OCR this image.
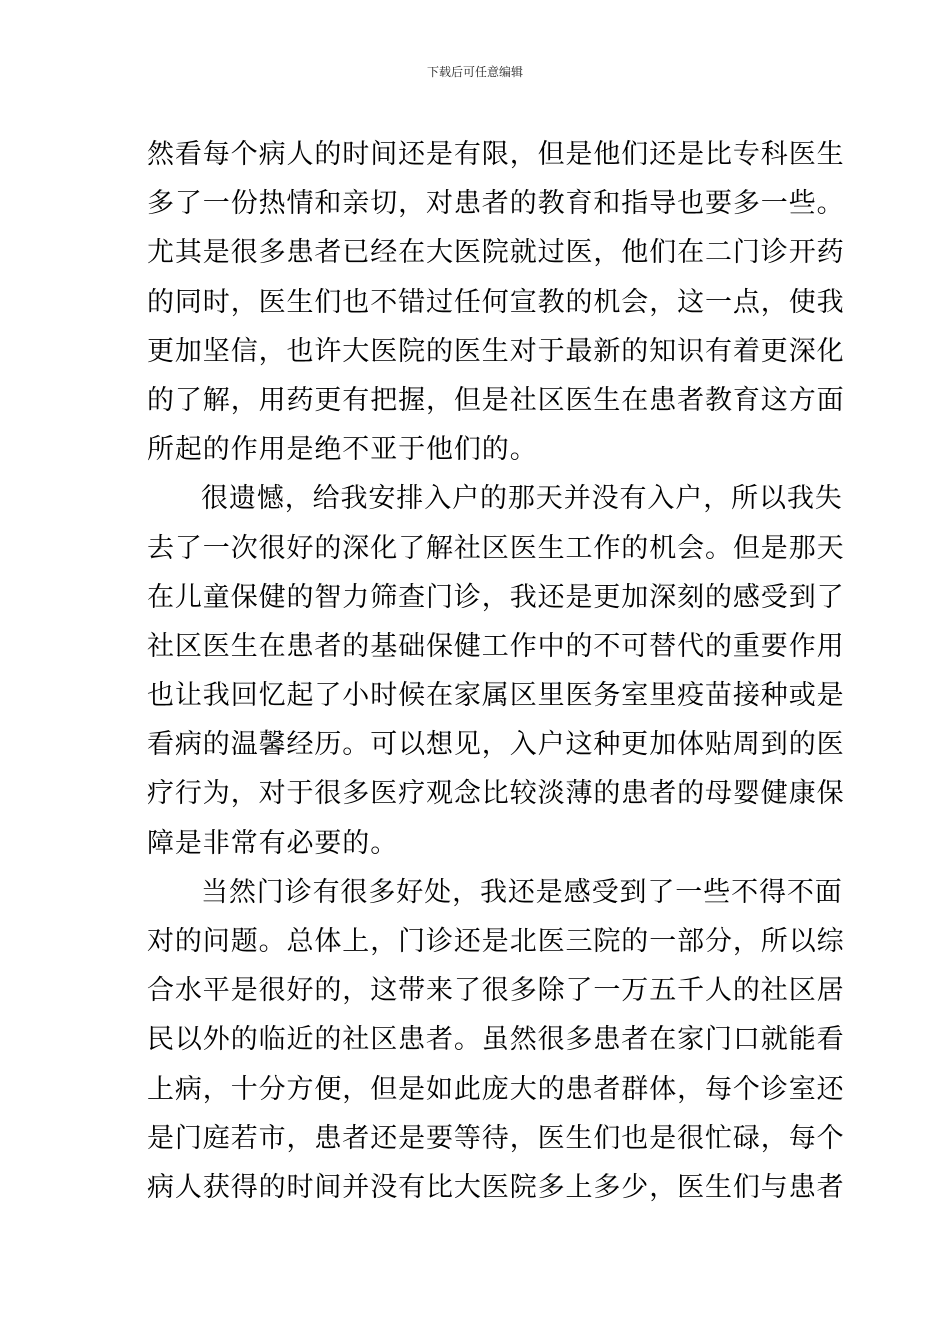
下载后可任意编辑
然看每个病人的时间还是有限，但是他们还是比专科医生
多了一份热情和亲切，对患者的教育和指导也要多一些。
尤其是很多患者已经在大医院就过医，他们在二门诊开药
的同时，医生们也不错过任何宣教的机会，这一点，使我
更加坚信，也许大医院的医生对于最新的知识有着更深化
的了解，用药更有把握，但是社区医生在患者教育这方面
所起的作用是绝不亚于他们的。
很遗憾，给我安排入户的那天并没有入户，所以我失
去了一次很好的深化了解社区医生工作的机会。但是那天
在儿童保健的智力筛查门诊，我还是更加深刻的感受到了
社区医生在患者的基础保健工作中的不可替代的重要作用
也让我回忆起了小时候在家属区里医务室里疫苗接种或是
看病的温馨经历。可以想见，入户这种更加体贴周到的医
疗行为，对于很多医疗观念比较淡薄的患者的母婴健康保
障是非常有必要的。
当然门诊有很多好处，我还是感受到了一些不得不面
对的问题。总体上，门诊还是北医三院的一部分，所以综
合水平是很好的，这带来了很多除了一万五千人的社区居
民以外的临近的社区患者。虽然很多患者在家门口就能看
上病，十分方便，但是如此庞大的患者群体，每个诊室还
是门庭若市，患者还是要等待，医生们也是很忙碌，每个
病人获得的时间并没有比大医院多上多少，医生们与患者
